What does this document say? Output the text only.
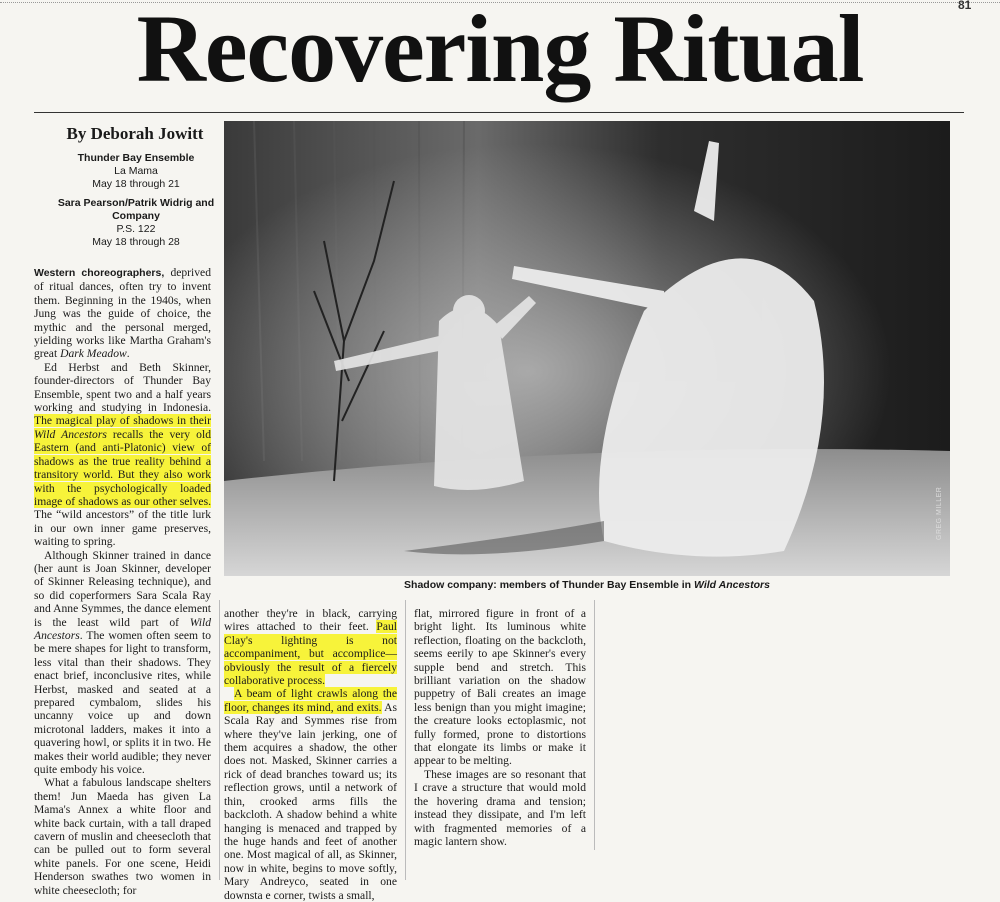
81
Recovering Ritual
By Deborah Jowitt
Thunder Bay Ensemble
La Mama
May 18 through 21
Sara Pearson/Patrik Widrig and Company
P.S. 122
May 18 through 28
GREG MILLER
Shadow company: members of Thunder Bay Ensemble in Wild Ancestors

Western choreographers, deprived of ritual dances, often try to invent them. Beginning in the 1940s, when Jung was the guide of choice, the mythic and the personal merged, yielding works like Martha Graham's great Dark Meadow.

Ed Herbst and Beth Skinner, founder-directors of Thunder Bay Ensemble, spent two and a half years working and studying in Indonesia. The magical play of shadows in their Wild Ancestors recalls the very old Eastern (and anti-Platonic) view of shadows as the true reality behind a transitory world. But they also work with the psychologically loaded image of shadows as our other selves. The “wild ancestors” of the title lurk in our own inner game preserves, waiting to spring.

Although Skinner trained in dance (her aunt is Joan Skinner, developer of Skinner Releasing technique), and so did coperformers Sara Scala Ray and Anne Symmes, the dance element is the least wild part of Wild Ancestors. The women often seem to be mere shapes for light to transform, less vital than their shadows. They enact brief, inconclusive rites, while Herbst, masked and seated at a prepared cymbalom, slides his uncanny voice up and down microtonal ladders, makes it into a quavering howl, or splits it in two. He makes their world audible; they never quite embody his voice.

What a fabulous landscape shelters them! Jun Maeda has given La Mama's Annex a white floor and white back curtain, with a tall draped cavern of muslin and cheesecloth that can be pulled out to form several white panels. For one scene, Heidi Henderson swathes two women in white cheesecloth; for

another they're in black, carrying wires attached to their feet. Paul Clay's lighting is not accompaniment, but accomplice—obviously the result of a fiercely collaborative process.

A beam of light crawls along the floor, changes its mind, and exits. As Scala Ray and Symmes rise from where they've lain jerking, one of them acquires a shadow, the other does not. Masked, Skinner carries a rick of dead branches toward us; its reflection grows, until a network of thin, crooked arms fills the backcloth. A shadow behind a white hanging is menaced and trapped by the huge hands and feet of another one. Most magical of all, as Skinner, now in white, begins to move softly, Mary Andreyco, seated in one downsta e corner, twists a small,

flat, mirrored figure in front of a bright light. Its luminous white reflection, floating on the backcloth, seems eerily to ape Skinner's every supple bend and stretch. This brilliant variation on the shadow puppetry of Bali creates an image less benign than you might imagine; the creature looks ectoplasmic, not fully formed, prone to distortions that elongate its limbs or make it appear to be melting.

These images are so resonant that I crave a structure that would mold the hovering drama and tension; instead they dissipate, and I'm left with fragmented memories of a magic lantern show.
